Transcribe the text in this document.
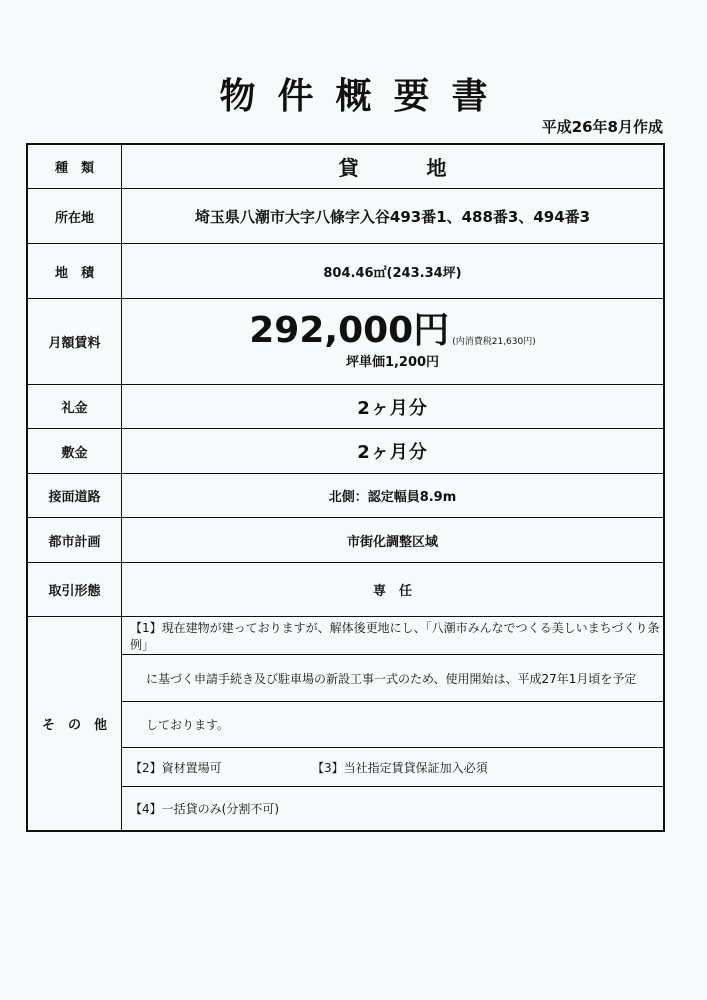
物件概要書
平成26年8月作成
種　類	貸　地
所在地	埼玉県八潮市大字八條字入谷493番1、488番3、494番3
地　積	804.46㎡(243.34坪)
月額賃料	292,000円 (内消費税21,630円)
坪単価1,200円
礼金	2ヶ月分
敷金	2ヶ月分
接面道路	北側：認定幅員8.9m
都市計画	市街化調整区域
取引形態	専　任
そ　の　他
【1】現在建物が建っておりますが、解体後更地にし、「八潮市みんなでつくる美しいまちづくり条例」
に基づく申請手続き及び駐車場の新設工事一式のため、使用開始は、平成27年1月頃を予定
しております。
【2】資材置場可	【3】当社指定賃貸保証加入必須
【4】一括貸のみ(分割不可)
